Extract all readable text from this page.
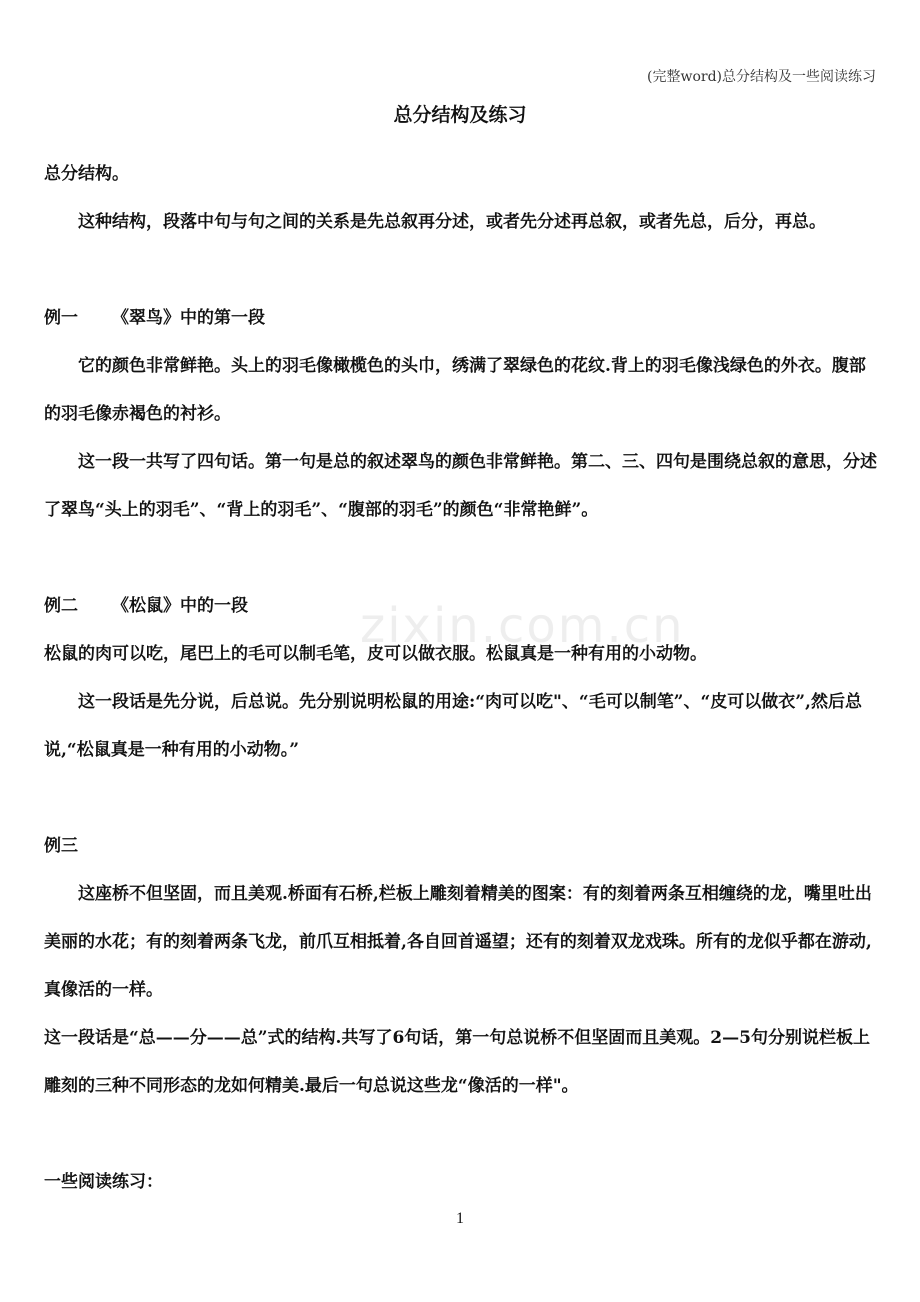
(完整word)总分结构及一些阅读练习
总分结构及练习
zixin.com.cn

总分结构。

这种结构，段落中句与句之间的关系是先总叙再分述，或者先分述再总叙，或者先总，后分，再总。

例一 《翠鸟》中的第一段

它的颜色非常鲜艳。头上的羽毛像橄榄色的头巾，绣满了翠绿色的花纹.背上的羽毛像浅绿色的外衣。腹部的羽毛像赤褐色的衬衫。

这一段一共写了四句话。第一句是总的叙述翠鸟的颜色非常鲜艳。第二、三、四句是围绕总叙的意思，分述了翠鸟“头上的羽毛”、“背上的羽毛”、“腹部的羽毛”的颜色“非常艳鲜”。

例二 《松鼠》中的一段

松鼠的肉可以吃，尾巴上的毛可以制毛笔，皮可以做衣服。松鼠真是一种有用的小动物。

这一段话是先分说，后总说。先分别说明松鼠的用途:“肉可以吃"、“毛可以制笔”、“皮可以做衣”,然后总说,“松鼠真是一种有用的小动物。”

例三

这座桥不但坚固，而且美观.桥面有石桥,栏板上雕刻着精美的图案：有的刻着两条互相缠绕的龙，嘴里吐出美丽的水花；有的刻着两条飞龙，前爪互相抵着,各自回首遥望；还有的刻着双龙戏珠。所有的龙似乎都在游动,真像活的一样。

这一段话是“总——分——总”式的结构.共写了6句话，第一句总说桥不但坚固而且美观。2—5句分别说栏板上雕刻的三种不同形态的龙如何精美.最后一句总说这些龙“像活的一样"。

一些阅读练习：

1
